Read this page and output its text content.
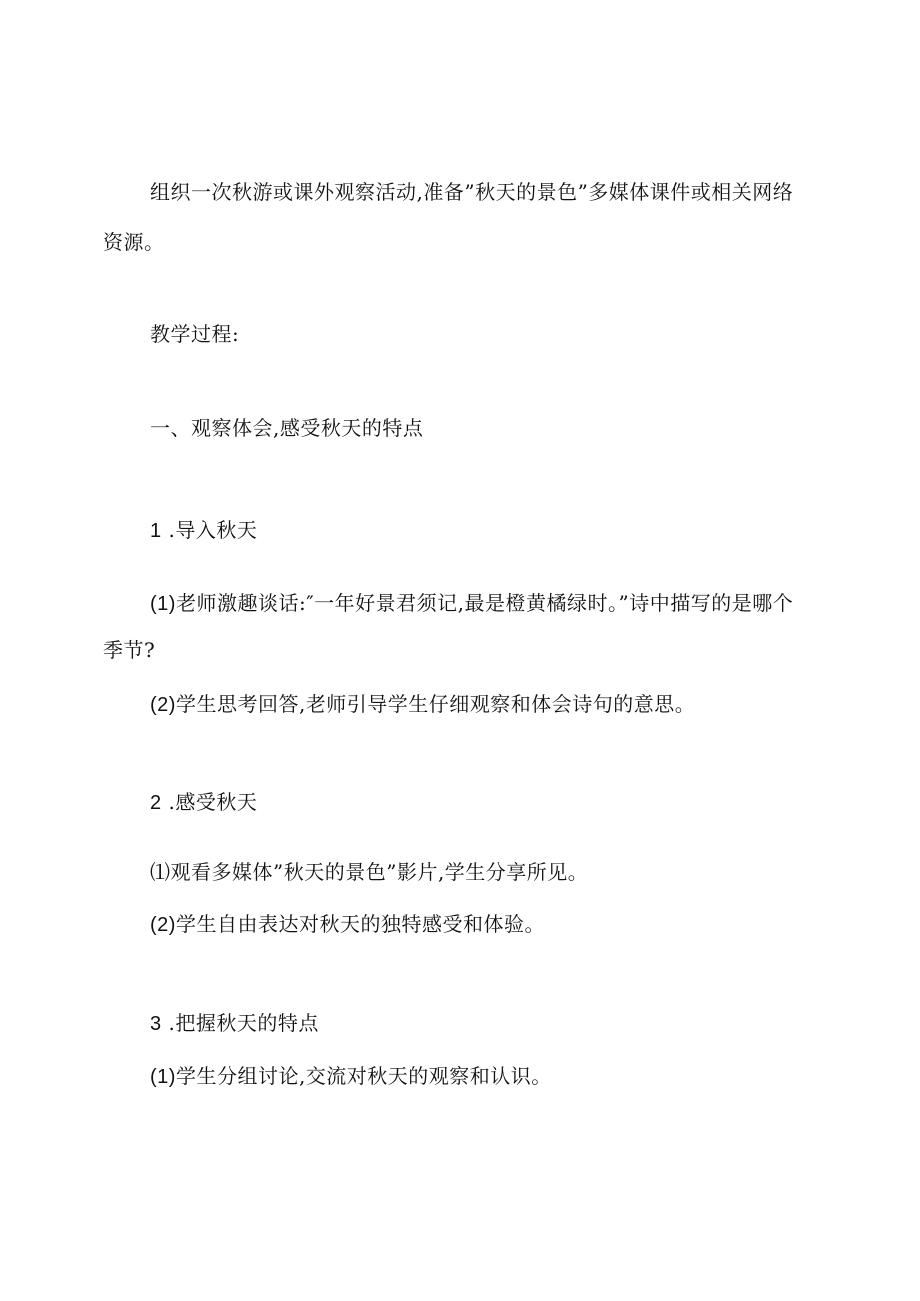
组织一次秋游或课外观察活动,准备”秋天的景色”多媒体课件或相关网络
资源。
教学过程:
一、观察体会,感受秋天的特点
1 .导入秋天
(1)老师激趣谈话:″一年好景君须记,最是橙黄橘绿时。”诗中描写的是哪个
季节?
(2)学生思考回答,老师引导学生仔细观察和体会诗句的意思。
2 .感受秋天
⑴观看多媒体”秋天的景色”影片,学生分享所见。
(2)学生自由表达对秋天的独特感受和体验。
3 .把握秋天的特点
(1)学生分组讨论,交流对秋天的观察和认识。
